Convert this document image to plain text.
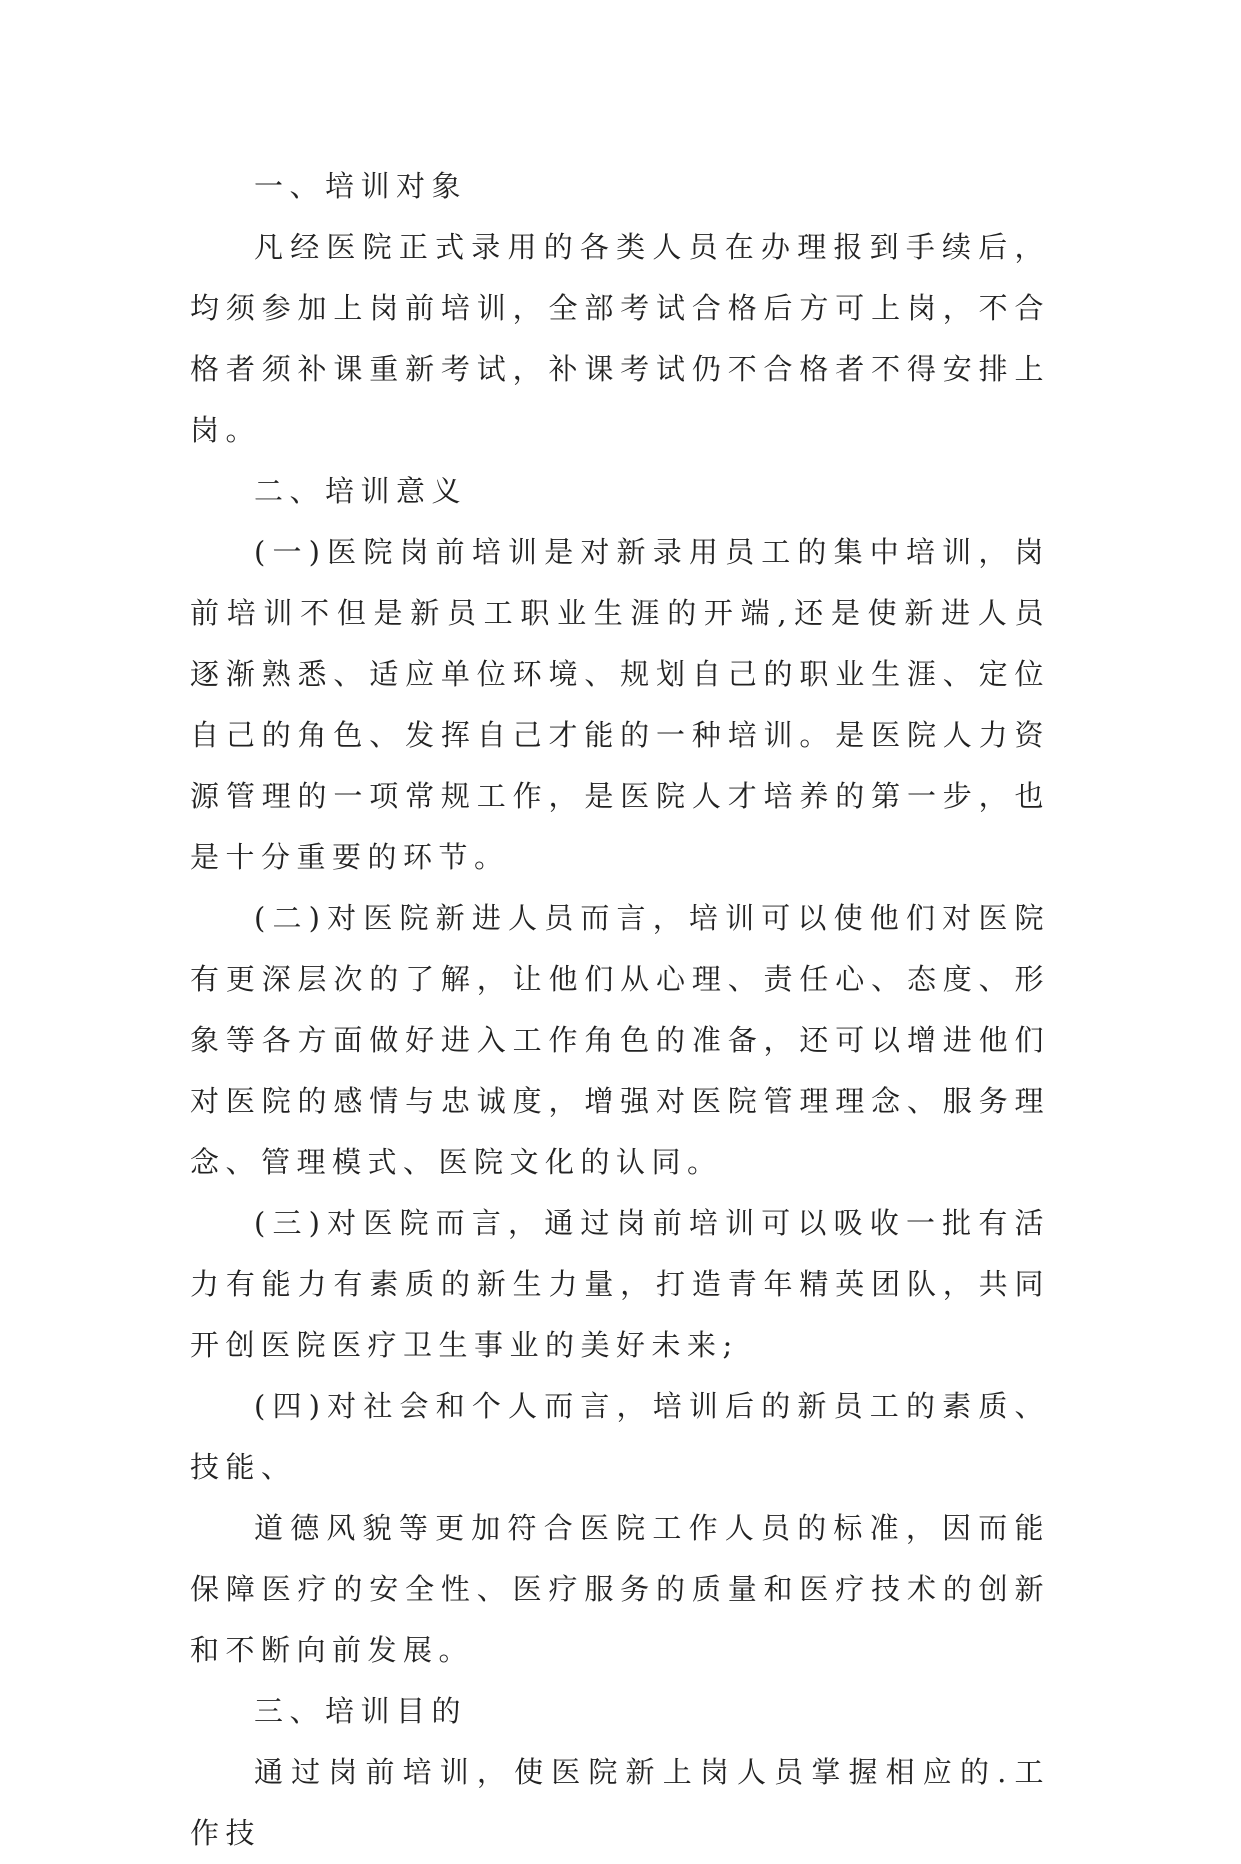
一、培训对象

凡经医院正式录用的各类人员在办理报到手续后，均须参加上岗前培训，全部考试合格后方可上岗，不合格者须补课重新考试，补课考试仍不合格者不得安排上岗。

二、培训意义

(一)医院岗前培训是对新录用员工的集中培训，岗前培训不但是新员工职业生涯的开端,还是使新进人员逐渐熟悉、适应单位环境、规划自己的职业生涯、定位自己的角色、发挥自己才能的一种培训。是医院人力资源管理的一项常规工作，是医院人才培养的第一步，也是十分重要的环节。

(二)对医院新进人员而言，培训可以使他们对医院有更深层次的了解，让他们从心理、责任心、态度、形象等各方面做好进入工作角色的准备，还可以增进他们对医院的感情与忠诚度，增强对医院管理理念、服务理念、管理模式、医院文化的认同。

(三)对医院而言，通过岗前培训可以吸收一批有活力有能力有素质的新生力量，打造青年精英团队，共同开创医院医疗卫生事业的美好未来;

(四)对社会和个人而言，培训后的新员工的素质、技能、

道德风貌等更加符合医院工作人员的标准，因而能保障医疗的安全性、医疗服务的质量和医疗技术的创新和不断向前发展。

三、培训目的

通过岗前培训，使医院新上岗人员掌握相应的.工作技
